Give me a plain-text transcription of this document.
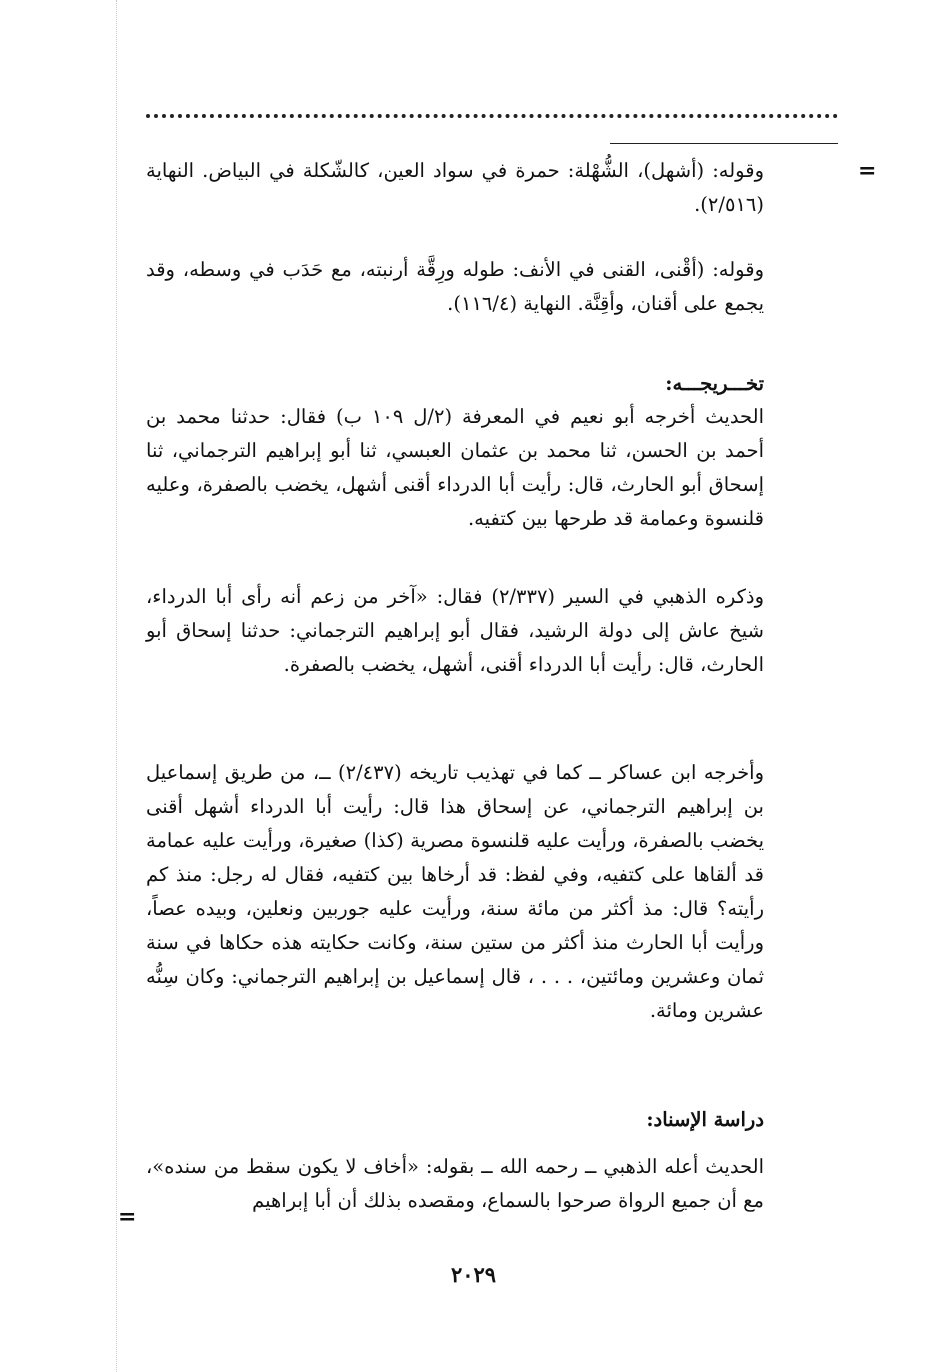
=

وقوله: (أشهل)، الشُّهْلة: حمرة في سواد العين، كالشّكلة في البياض. النهاية (٢/٥١٦).

وقوله: (أقْنى، القنى في الأنف: طوله ورِقَّة أرنبته، مع حَدَب في وسطه، وقد يجمع على أقنان، وأقِنَّة. النهاية (١١٦/٤).

تخـــريجـــه:

الحديث أخرجه أبو نعيم في المعرفة (٢/ل ١٠٩ ب) فقال: حدثنا محمد بن أحمد بن الحسن، ثنا محمد بن عثمان العبسي، ثنا أبو إبراهيم الترجماني، ثنا إسحاق أبو الحارث، قال: رأيت أبا الدرداء أقنى أشهل، يخضب بالصفرة، وعليه قلنسوة وعمامة قد طرحها بين كتفيه.

وذكره الذهبي في السير (٢/٣٣٧) فقال: «آخر من زعم أنه رأى أبا الدرداء، شيخ عاش إلى دولة الرشيد، فقال أبو إبراهيم الترجماني: حدثنا إسحاق أبو الحارث، قال: رأيت أبا الدرداء أقنى، أشهل، يخضب بالصفرة.

وأخرجه ابن عساكر ــ كما في تهذيب تاريخه (٢/٤٣٧) ــ، من طريق إسماعيل بن إبراهيم الترجماني، عن إسحاق هذا قال: رأيت أبا الدرداء أشهل أقنى يخضب بالصفرة، ورأيت عليه قلنسوة مصرية (كذا) صغيرة، ورأيت عليه عمامة قد ألقاها على كتفيه، وفي لفظ: قد أرخاها بين كتفيه، فقال له رجل: منذ كم رأيته؟ قال: مذ أكثر من مائة سنة، ورأيت عليه جوربين ونعلين، وبيده عصاً، ورأيت أبا الحارث منذ أكثر من ستين سنة، وكانت حكايته هذه حكاها في سنة ثمان وعشرين ومائتين، . . . ، قال إسماعيل بن إبراهيم الترجماني: وكان سِنُّه عشرين ومائة.

دراسة الإسناد:

الحديث أعله الذهبي ــ رحمه الله ــ بقوله: «أخاف لا يكون سقط من سنده»، مع أن جميع الرواة صرحوا بالسماع، ومقصده بذلك أن أبا إبراهيم

=
٢٠٢٩
